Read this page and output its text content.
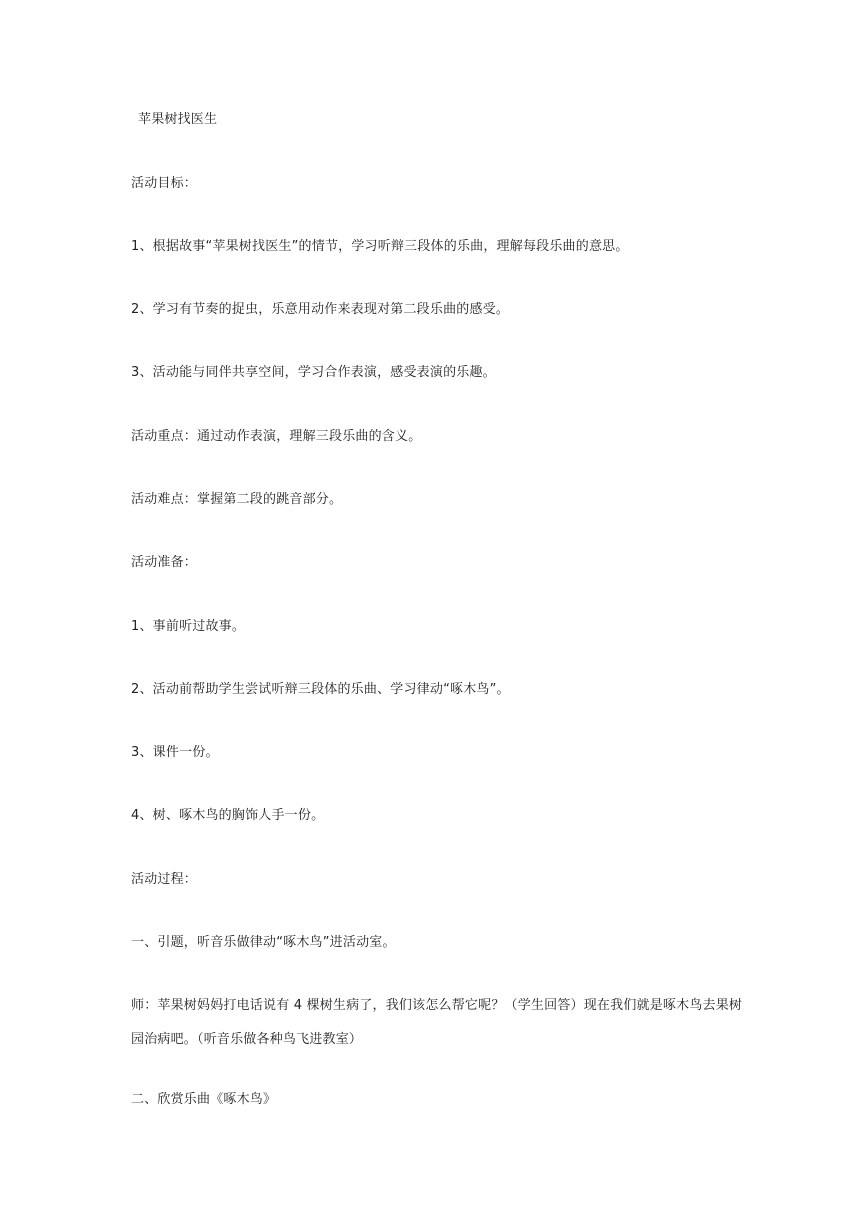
苹果树找医生
活动目标：
1、根据故事“苹果树找医生”的情节，学习听辩三段体的乐曲，理解每段乐曲的意思。
2、学习有节奏的捉虫，乐意用动作来表现对第二段乐曲的感受。
3、活动能与同伴共享空间，学习合作表演，感受表演的乐趣。
活动重点：通过动作表演，理解三段乐曲的含义。
活动难点：掌握第二段的跳音部分。
活动准备：
1、事前听过故事。
2、活动前帮助学生尝试听辩三段体的乐曲、学习律动“啄木鸟”。
3、课件一份。
4、树、啄木鸟的胸饰人手一份。
活动过程：
一、引题，听音乐做律动“啄木鸟”进活动室。
师：苹果树妈妈打电话说有 4 棵树生病了，我们该怎么帮它呢？（学生回答）现在我们就是啄木鸟去果树园治病吧。（听音乐做各种鸟飞进教室）
二、欣赏乐曲《啄木鸟》
